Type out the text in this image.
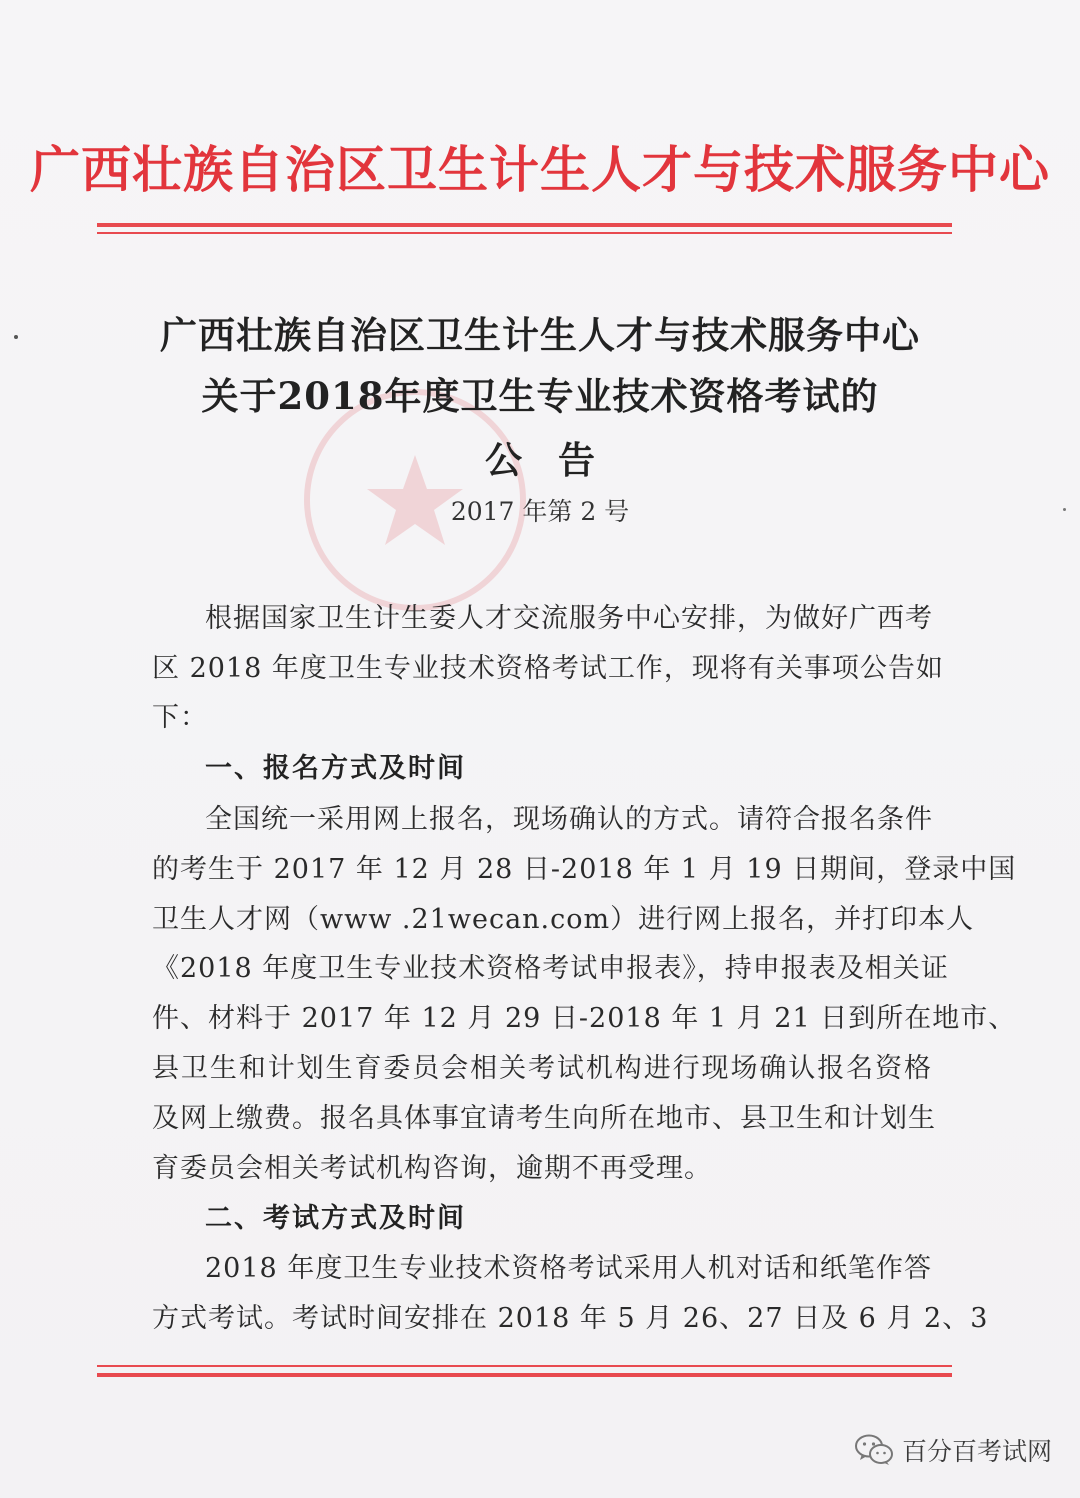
广西壮族自治区卫生计生人才与技术服务中心
广西壮族自治区卫生计生人才与技术服务中心
关于2018年度卫生专业技术资格考试的
公告
2017 年第 2 号
根据国家卫生计生委人才交流服务中心安排，为做好广西考
区 2018 年度卫生专业技术资格考试工作，现将有关事项公告如
下：
一、报名方式及时间
全国统一采用网上报名，现场确认的方式。请符合报名条件
的考生于 2017 年 12 月 28 日-2018 年 1 月 19 日期间，登录中国
卫生人才网（www .21wecan.com）进行网上报名，并打印本人
《2018 年度卫生专业技术资格考试申报表》，持申报表及相关证
件、材料于 2017 年 12 月 29 日-2018 年 1 月 21 日到所在地市、
县卫生和计划生育委员会相关考试机构进行现场确认报名资格
及网上缴费。报名具体事宜请考生向所在地市、县卫生和计划生
育委员会相关考试机构咨询，逾期不再受理。
二、考试方式及时间
2018 年度卫生专业技术资格考试采用人机对话和纸笔作答
方式考试。考试时间安排在 2018 年 5 月 26、27 日及 6 月 2、3
百分百考试网
